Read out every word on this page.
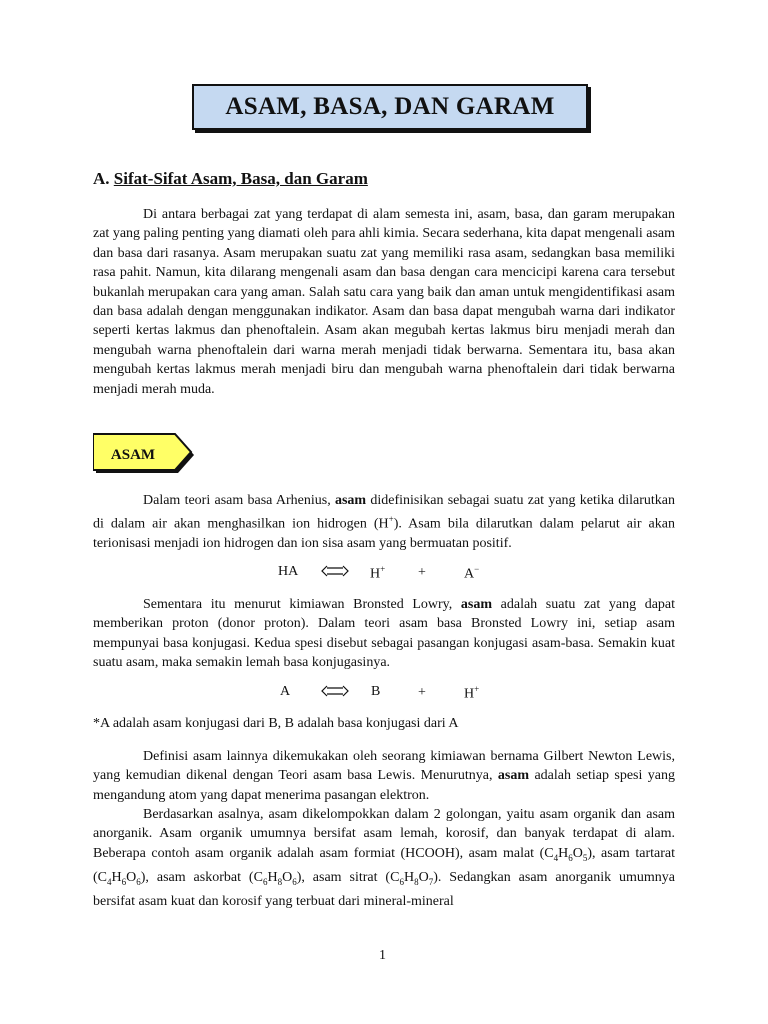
ASAM, BASA, DAN GARAM
A. Sifat-Sifat Asam, Basa, dan Garam

Di antara berbagai zat yang terdapat di alam semesta ini, asam, basa, dan garam merupakan zat yang paling penting yang diamati oleh para ahli kimia. Secara sederhana, kita dapat mengenali asam dan basa dari rasanya. Asam merupakan suatu zat yang memiliki rasa asam, sedangkan basa memiliki rasa pahit. Namun, kita dilarang mengenali asam dan basa dengan cara mencicipi karena cara tersebut bukanlah merupakan cara yang aman. Salah satu cara yang baik dan aman untuk mengidentifikasi asam dan basa adalah dengan menggunakan indikator. Asam dan basa dapat mengubah warna dari indikator seperti kertas lakmus dan phenoftalein. Asam akan megubah kertas lakmus biru menjadi merah dan mengubah warna phenoftalein dari warna merah menjadi tidak berwarna. Sementara itu, basa akan mengubah kertas lakmus merah menjadi biru dan mengubah warna phenoftalein dari tidak berwarna menjadi merah muda.

ASAM

Dalam teori asam basa Arhenius, asam didefinisikan sebagai suatu zat yang ketika dilarutkan di dalam air akan menghasilkan ion hidrogen (H+). Asam bila dilarutkan dalam pelarut air akan terionisasi menjadi ion hidrogen dan ion sisa asam yang bermuatan positif.

HA	H+ +	A−

Sementara itu menurut kimiawan Bronsted Lowry, asam adalah suatu zat yang dapat memberikan proton (donor proton). Dalam teori asam basa Bronsted Lowry ini, setiap asam mempunyai basa konjugasi. Kedua spesi disebut sebagai pasangan konjugasi asam-basa. Semakin kuat suatu asam, maka semakin lemah basa konjugasinya.

A	B	+	H+

*A adalah asam konjugasi dari B, B adalah basa konjugasi dari A

Definisi asam lainnya dikemukakan oleh seorang kimiawan bernama Gilbert Newton Lewis, yang kemudian dikenal dengan Teori asam basa Lewis. Menurutnya, asam adalah setiap spesi yang mengandung atom yang dapat menerima pasangan elektron.

Berdasarkan asalnya, asam dikelompokkan dalam 2 golongan, yaitu asam organik dan asam anorganik. Asam organik umumnya bersifat asam lemah, korosif, dan banyak terdapat di alam. Beberapa contoh asam organik adalah asam formiat (HCOOH), asam malat $(C_4H_6O_5)$, asam tartarat $(C_4H_6O_6)$, asam askorbat $(C_6H_8O_6)$, asam sitrat $(C_6H_8O_7)$. Sedangkan asam anorganik umumnya bersifat asam kuat dan korosif yang terbuat dari mineral-mineral

1
